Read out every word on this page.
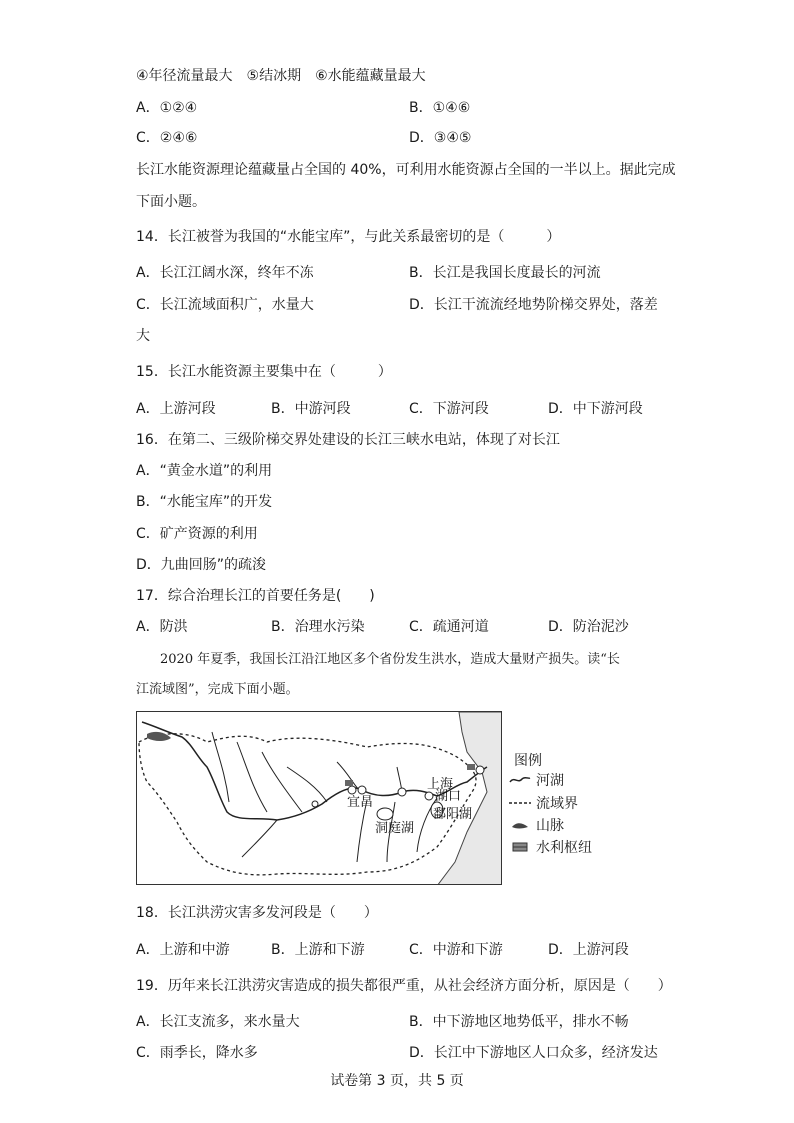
④年径流量最大　⑤结冰期　⑥水能蕴藏量最大
A．①②④	B．①④⑥
C．②④⑥	D．③④⑤
长江水能资源理论蕴藏量占全国的 40%，可利用水能资源占全国的一半以上。据此完成
下面小题。
14．长江被誉为我国的“水能宝库”，与此关系最密切的是（　　　）
A．长江江阔水深，终年不冻	B．长江是我国长度最长的河流
C．长江流域面积广，水量大	D．长江干流流经地势阶梯交界处，落差
大
15．长江水能资源主要集中在（　　　）
A．上游河段	B．中游河段	C．下游河段	D．中下游河段
16．在第二、三级阶梯交界处建设的长江三峡水电站，体现了对长江
A．“黄金水道”的利用
B．“水能宝库”的开发
C．矿产资源的利用
D．九曲回肠”的疏浚
17．综合治理长江的首要任务是(　　)
A．防洪	B．治理水污染	C．疏通河道	D．防治泥沙
2020 年夏季，我国长江沿江地区多个省份发生洪水，造成大量财产损失。读“长
江流域图”，完成下面小题。
宜昌
洞庭湖
上海
湖口
鄱阳湖
图例
河湖
流域界
山脉
水利枢纽
18．长江洪涝灾害多发河段是（　　）
A．上游和中游	B．上游和下游	C．中游和下游	D．上游河段
19．历年来长江洪涝灾害造成的损失都很严重，从社会经济方面分析，原因是（　　）
A．长江支流多，来水量大	B．中下游地区地势低平，排水不畅
C．雨季长，降水多	D．长江中下游地区人口众多，经济发达
试卷第 3 页，共 5 页
